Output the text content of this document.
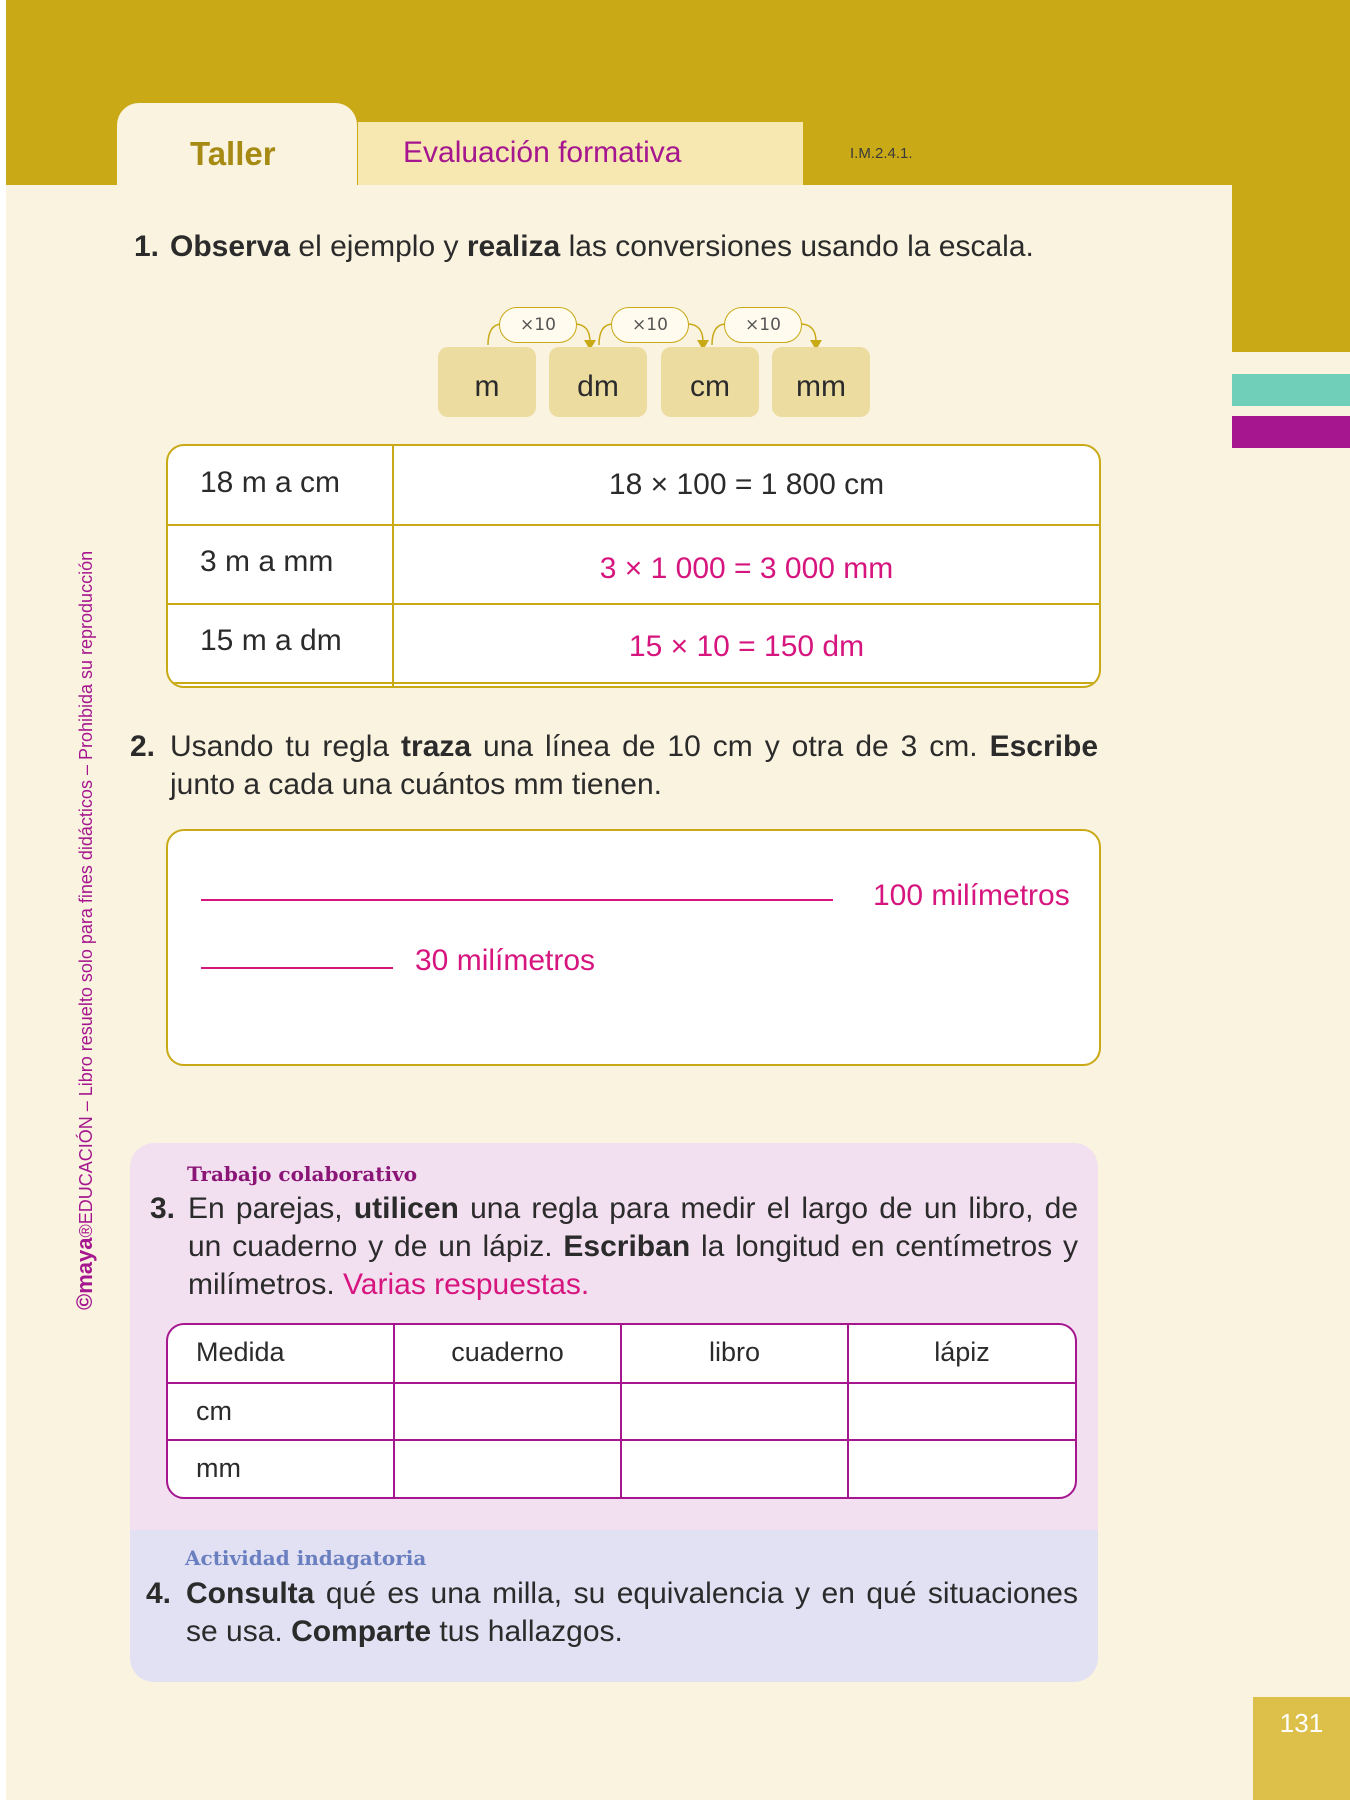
Taller	Evaluación formativa	I.M.2.4.1.
©maya®EDUCACIÓN – Libro resuelto solo para fines didácticos – Prohibida su reproducción
1. Observa el ejemplo y realiza las conversiones usando la escala.
×10	×10	×10
m	dm	cm	mm
18 m a cm	18 × 100 = 1 800 cm
3 m a mm	3 × 1 000 = 3 000 mm
15 m a dm	15 × 10 = 150 dm
2. Usando tu regla traza una línea de 10 cm y otra de 3 cm. Escribe junto a cada una cuántos mm tienen.
100 milímetros
30 milímetros
Trabajo colaborativo
3. En parejas, utilicen una regla para medir el largo de un libro, de un cuaderno y de un lápiz. Escriban la longitud en centímetros y milímetros. Varias respuestas.
Medida	cuaderno	libro	lápiz
cm
mm
Actividad indagatoria
4. Consulta qué es una milla, su equivalencia y en qué situaciones se usa. Comparte tus hallazgos.
131
